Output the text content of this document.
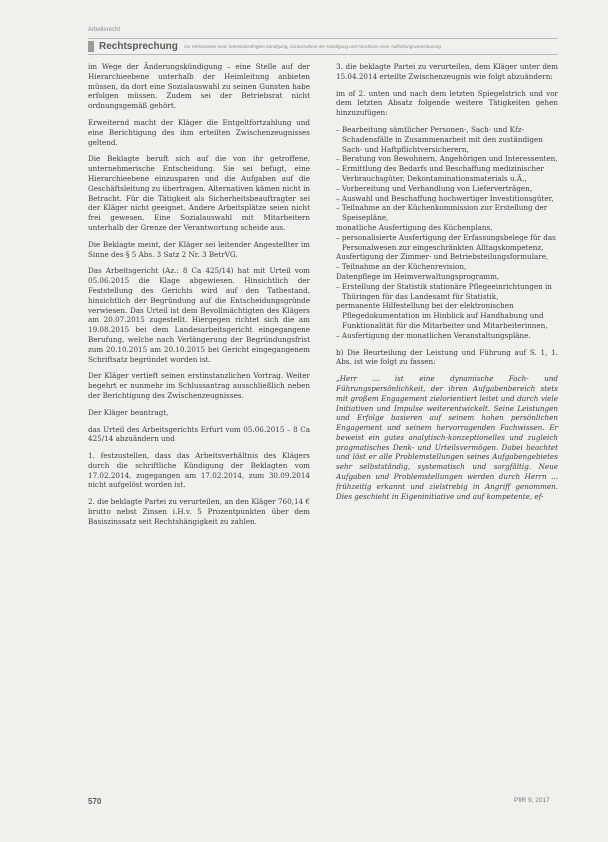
Arbeitsrecht
Rechtsprechung Zur Wirksamkeit einer betriebsbedingten Kündigung, Zurücknahme der Kündigung und Abschluss einer Aufhebungsvereinbarung

im Wege der Änderungskündigung – eine Stelle auf der Hierarchieebene unterhalb der Heimleitung anbieten müssen, da dort eine Sozialauswahl zu seinen Gunsten habe erfolgen müssen. Zudem sei der Betriebsrat nicht ordnungsgemäß gehört.

Erweiternd macht der Kläger die Entgeltfortzahlung und eine Berichtigung des ihm erteilten Zwischenzeugnisses geltend.

Die Beklagte beruft sich auf die von ihr getroffene, unternehmerische Entscheidung. Sie sei befugt, eine Hierarchieebene einzusparen und die Aufgaben auf die Geschäftsleitung zu übertragen. Alternativen kämen nicht in Betracht. Für die Tätigkeit als Sicherheitsbeauftragter sei der Kläger nicht geeignet. Andere Arbeitsplätze seien nicht frei gewesen. Eine Sozialauswahl mit Mitarbeitern unterhalb der Grenze der Verantwortung scheide aus.

Die Beklagte meint, der Kläger sei leitender Angestellter im Sinne des § 5 Abs. 3 Satz 2 Nr. 3 BetrVG.

Das Arbeitsgericht (Az.: 8 Ca 425/14) hat mit Urteil vom 05.06.2015 die Klage abgewiesen. Hinsichtlich der Feststellung des Gerichts wird auf den Tatbestand, hinsichtlich der Begründung auf die Entscheidungsgründe verwiesen. Das Urteil ist dem Bevollmächtigten des Klägers am 20.07.2015 zugestellt. Hiergegen richtet sich die am 19.08.2015 bei dem Landesarbeitsgericht eingegangene Berufung, welche nach Verlängerung der Begründungsfrist zum 20.10.2015 am 20.10.2015 bei Gericht eingegangenem Schriftsatz begründet worden ist.

Der Kläger vertieft seinen erstinstanzlichen Vortrag. Weiter begehrt er nunmehr im Schlussantrag ausschließlich neben der Berichtigung des Zwischenzeugnisses.

Der Kläger beantragt,

das Urteil des Arbeitsgerichts Erfurt vom 05.06.2015 – 8 Ca 425/14 abzuändern und

1. festzustellen, dass das Arbeitsverhältnis des Klägers durch die schriftliche Kündigung der Beklagten vom 17.02.2014, zugegangen am 17.02.2014, zum 30.09.2014 nicht aufgelöst worden ist.

2. die beklagte Partei zu verurteilen, an den Kläger 760,14 € brutto nebst Zinsen i.H.v. 5 Prozentpunkten über dem Basiszinssatz seit Rechtshängigkeit zu zahlen.

3. die beklagte Partei zu verurteilen, dem Kläger unter dem 15.04.2014 erteilte Zwischenzeugnis wie folgt abzuändern:

im of 2. unten und nach dem letzten Spiegelstrich und vor dem letzten Absatz folgende weitere Tätigkeiten gehen hinzuzufügen:

– Bearbeitung sämtlicher Personen-, Sach- und Kfz-Schadensfälle in Zusammenarbeit mit den zuständigen Sach- und Haftpflichtversicherern,
– Beratung von Bewohnern, Angehörigen und Interessenten,
– Ermittlung des Bedarfs und Beschaffung medizinischer Verbrauchsgüter, Dekontaminationsmaterials u.Ä.,
– Vorbereitung und Verhandlung von Lieferverträgen,
– Auswahl und Beschaffung hochwertiger Investitionsgüter,
– Teilnahme an der Küchenkommission zur Erstellung der Speisepläne,
monatliche Ausfertigung des Küchenplans,
– personalisierte Ausfertigung der Erfassungsbelege für das Personalwesen zur eingeschränkten Alltagskompetenz,
Ausfertigung der Zimmer- und Betriebsteilungsformulare,
– Teilnahme an der Küchenrevision,
Datenpflege im Heimverwaltungsprogramm,
– Erstellung der Statistik stationäre Pflegeeinrichtungen in Thüringen für das Landesamt für Statistik,
permanente Hilfestellung bei der elektronischen Pflegedokumentation im Hinblick auf Handhabung und Funktionalität für die Mitarbeiter und Mitarbeiterinnen,
– Ausfertigung der monatlichen Veranstaltungspläne.

b) Die Beurteilung der Leistung und Führung auf S. 1, 1. Abs. ist wie folgt zu fassen:

„Herr ... ist eine dynamische Fach- und Führungspersönlichkeit, der ihren Aufgabenbereich stets mit großem Engagement zielorientiert leitet und durch viele Initiativen und Impulse weiterentwickelt. Seine Leistungen und Erfolge basieren auf seinem hohen persönlichen Engagement und seinem hervorragenden Fachwissen. Er beweist ein gutes analytisch-konzeptionelles und zugleich pragmatisches Denk- und Urteilsvermögen. Dabei beachtet und löst er alle Problemstellungen seines Aufgabengebietes sehr selbstständig, systematisch und sorgfältig. Neue Aufgaben und Problemstellungen werden durch Herrn ... frühzeitig erkannt und zielstrebig in Angriff genommen. Dies geschieht in Eigeninitiative und auf kompetente, ef-

570	PflR 9, 2017
